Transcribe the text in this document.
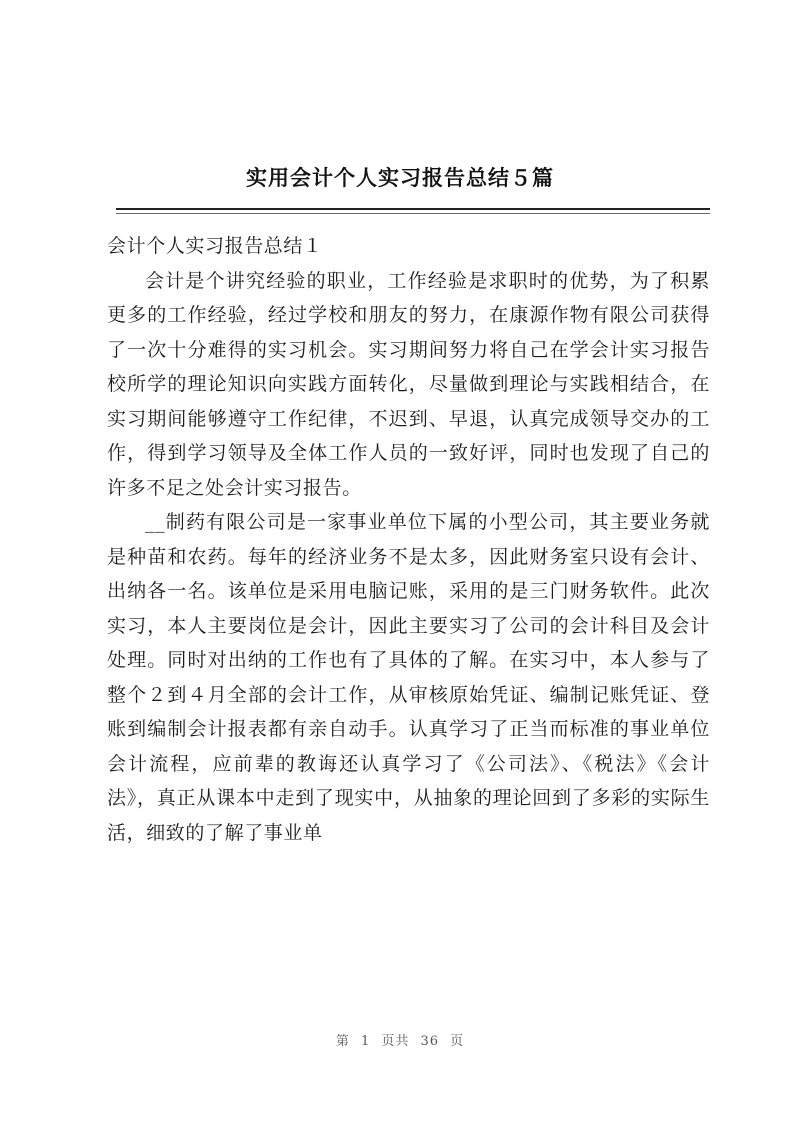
实用会计个人实习报告总结５篇

会计个人实习报告总结１

会计是个讲究经验的职业，工作经验是求职时的优势，为了积累更多的工作经验，经过学校和朋友的努力，在康源作物有限公司获得了一次十分难得的实习机会。实习期间努力将自己在学会计实习报告校所学的理论知识向实践方面转化，尽量做到理论与实践相结合，在实习期间能够遵守工作纪律，不迟到、早退，认真完成领导交办的工作，得到学习领导及全体工作人员的一致好评，同时也发现了自己的许多不足之处会计实习报告。

__制药有限公司是一家事业单位下属的小型公司，其主要业务就是种苗和农药。每年的经济业务不是太多，因此财务室只设有会计、出纳各一名。该单位是采用电脑记账，采用的是三门财务软件。此次实习，本人主要岗位是会计，因此主要实习了公司的会计科目及会计处理。同时对出纳的工作也有了具体的了解。在实习中，本人参与了整个２到４月全部的会计工作，从审核原始凭证、编制记账凭证、登账到编制会计报表都有亲自动手。认真学习了正当而标准的事业单位会计流程，应前辈的教诲还认真学习了《公司法》、《税法》《会计法》，真正从课本中走到了现实中，从抽象的理论回到了多彩的实际生活，细致的了解了事业单

第 1 页共 36 页
